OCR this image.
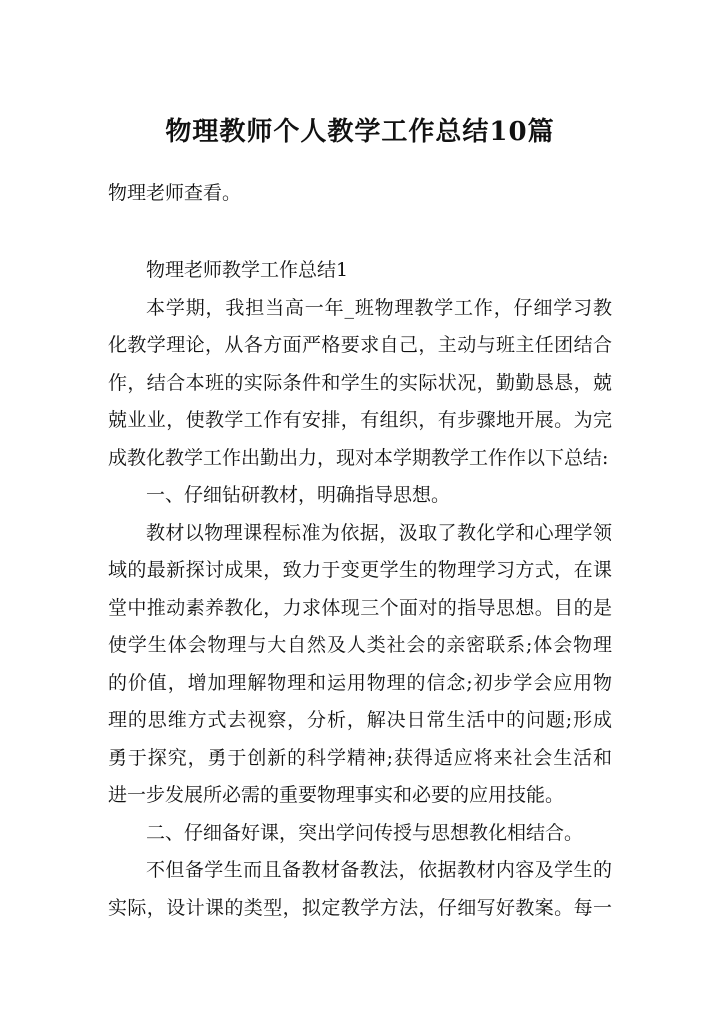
物理教师个人教学工作总结10篇

物理老师查看。

物理老师教学工作总结1
本学期，我担当高一年_班物理教学工作，仔细学习教
化教学理论，从各方面严格要求自己，主动与班主任团结合
作，结合本班的实际条件和学生的实际状况，勤勤恳恳，兢
兢业业，使教学工作有安排，有组织，有步骤地开展。为完
成教化教学工作出勤出力，现对本学期教学工作作以下总结:
一、仔细钻研教材，明确指导思想。
教材以物理课程标准为依据，汲取了教化学和心理学领
域的最新探讨成果，致力于变更学生的物理学习方式，在课
堂中推动素养教化，力求体现三个面对的指导思想。目的是
使学生体会物理与大自然及人类社会的亲密联系;体会物理
的价值，增加理解物理和运用物理的信念;初步学会应用物
理的思维方式去视察，分析，解决日常生活中的问题;形成
勇于探究，勇于创新的科学精神;获得适应将来社会生活和
进一步发展所必需的重要物理事实和必要的应用技能。
二、仔细备好课，突出学问传授与思想教化相结合。
不但备学生而且备教材备教法，依据教材内容及学生的
实际，设计课的类型，拟定教学方法，仔细写好教案。每一
